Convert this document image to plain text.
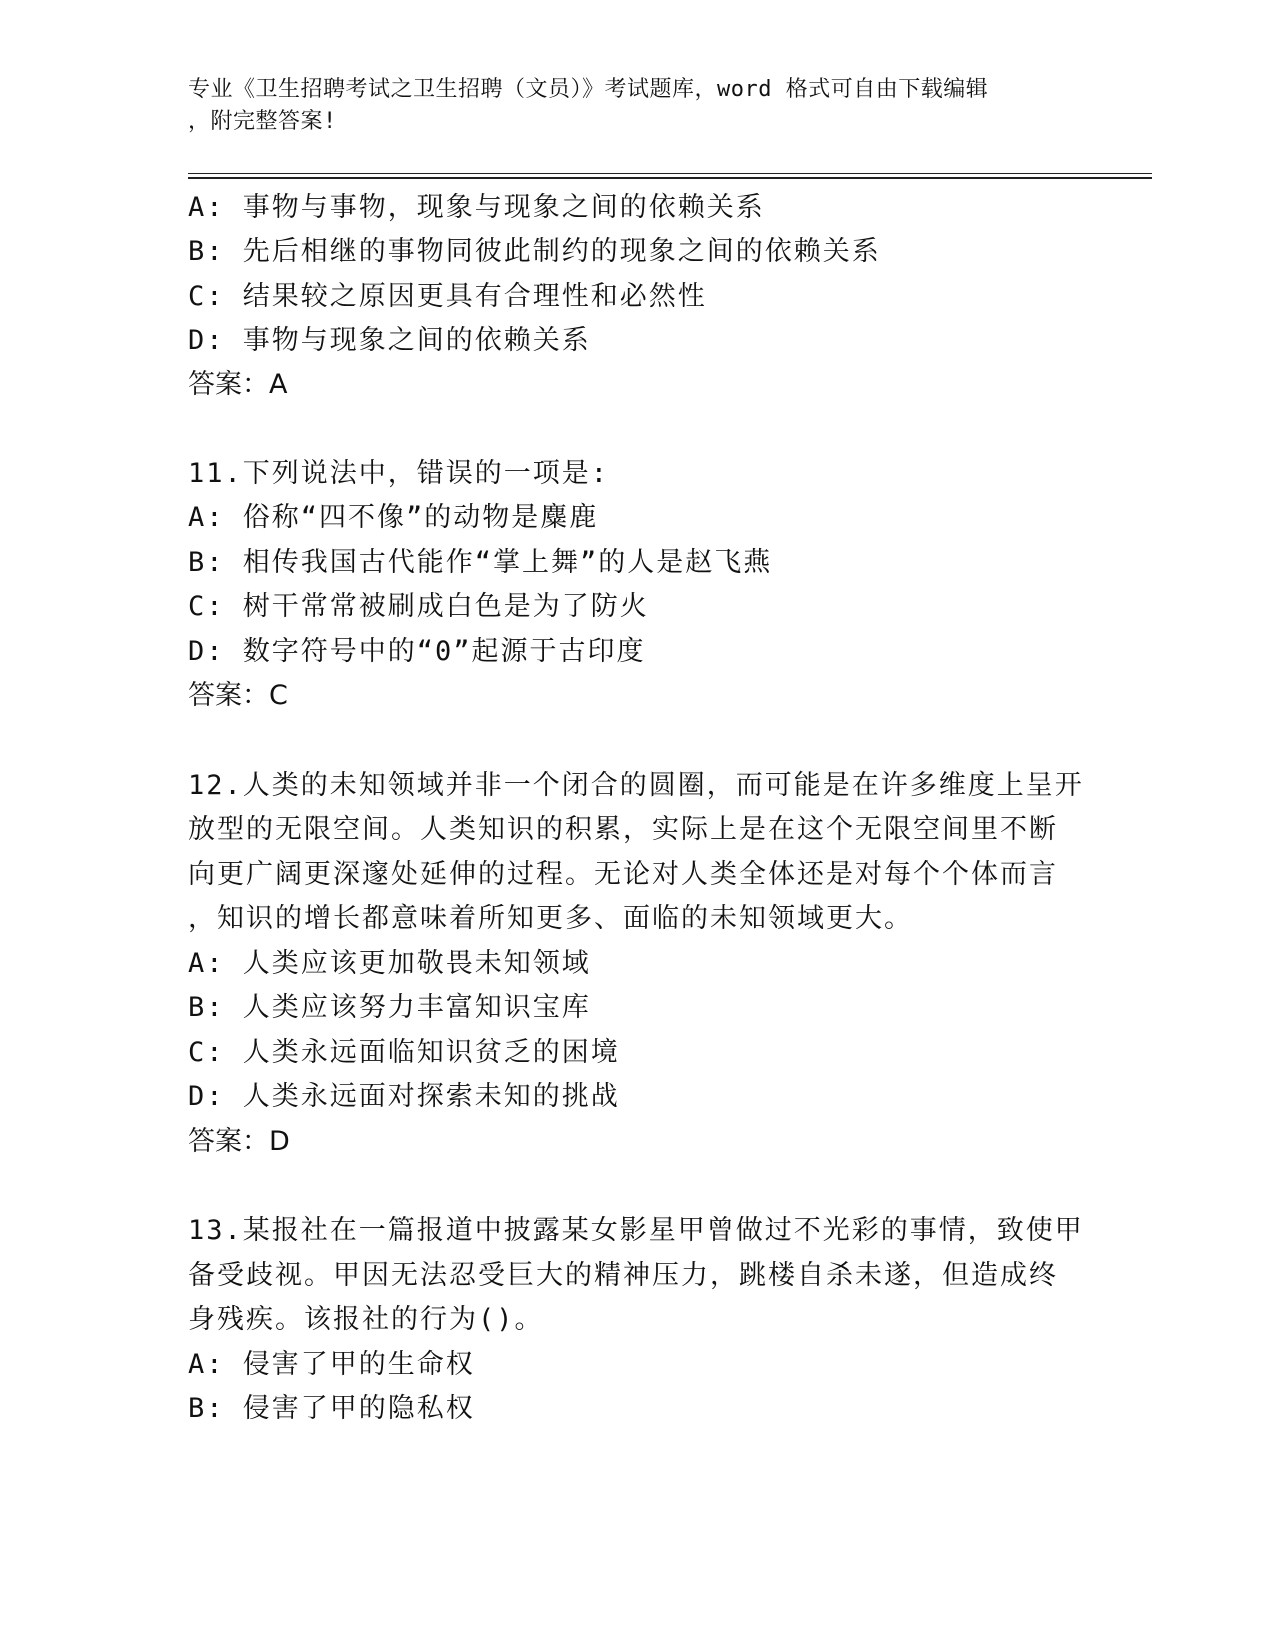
专业《卫生招聘考试之卫生招聘（文员）》考试题库，word 格式可自由下载编辑
，附完整答案!
A: 事物与事物，现象与现象之间的依赖关系
B: 先后相继的事物同彼此制约的现象之间的依赖关系
C: 结果较之原因更具有合理性和必然性
D: 事物与现象之间的依赖关系
答案：A
11.下列说法中，错误的一项是:
A: 俗称“四不像”的动物是麋鹿
B: 相传我国古代能作“掌上舞”的人是赵飞燕
C: 树干常常被刷成白色是为了防火
D: 数字符号中的“0”起源于古印度
答案：C
12.人类的未知领域并非一个闭合的圆圈，而可能是在许多维度上呈开
放型的无限空间。人类知识的积累，实际上是在这个无限空间里不断
向更广阔更深邃处延伸的过程。无论对人类全体还是对每个个体而言
，知识的增长都意味着所知更多、面临的未知领域更大。
A: 人类应该更加敬畏未知领域
B: 人类应该努力丰富知识宝库
C: 人类永远面临知识贫乏的困境
D: 人类永远面对探索未知的挑战
答案：D
13.某报社在一篇报道中披露某女影星甲曾做过不光彩的事情，致使甲
备受歧视。甲因无法忍受巨大的精神压力，跳楼自杀未遂，但造成终
身残疾。该报社的行为()。
A: 侵害了甲的生命权
B: 侵害了甲的隐私权
